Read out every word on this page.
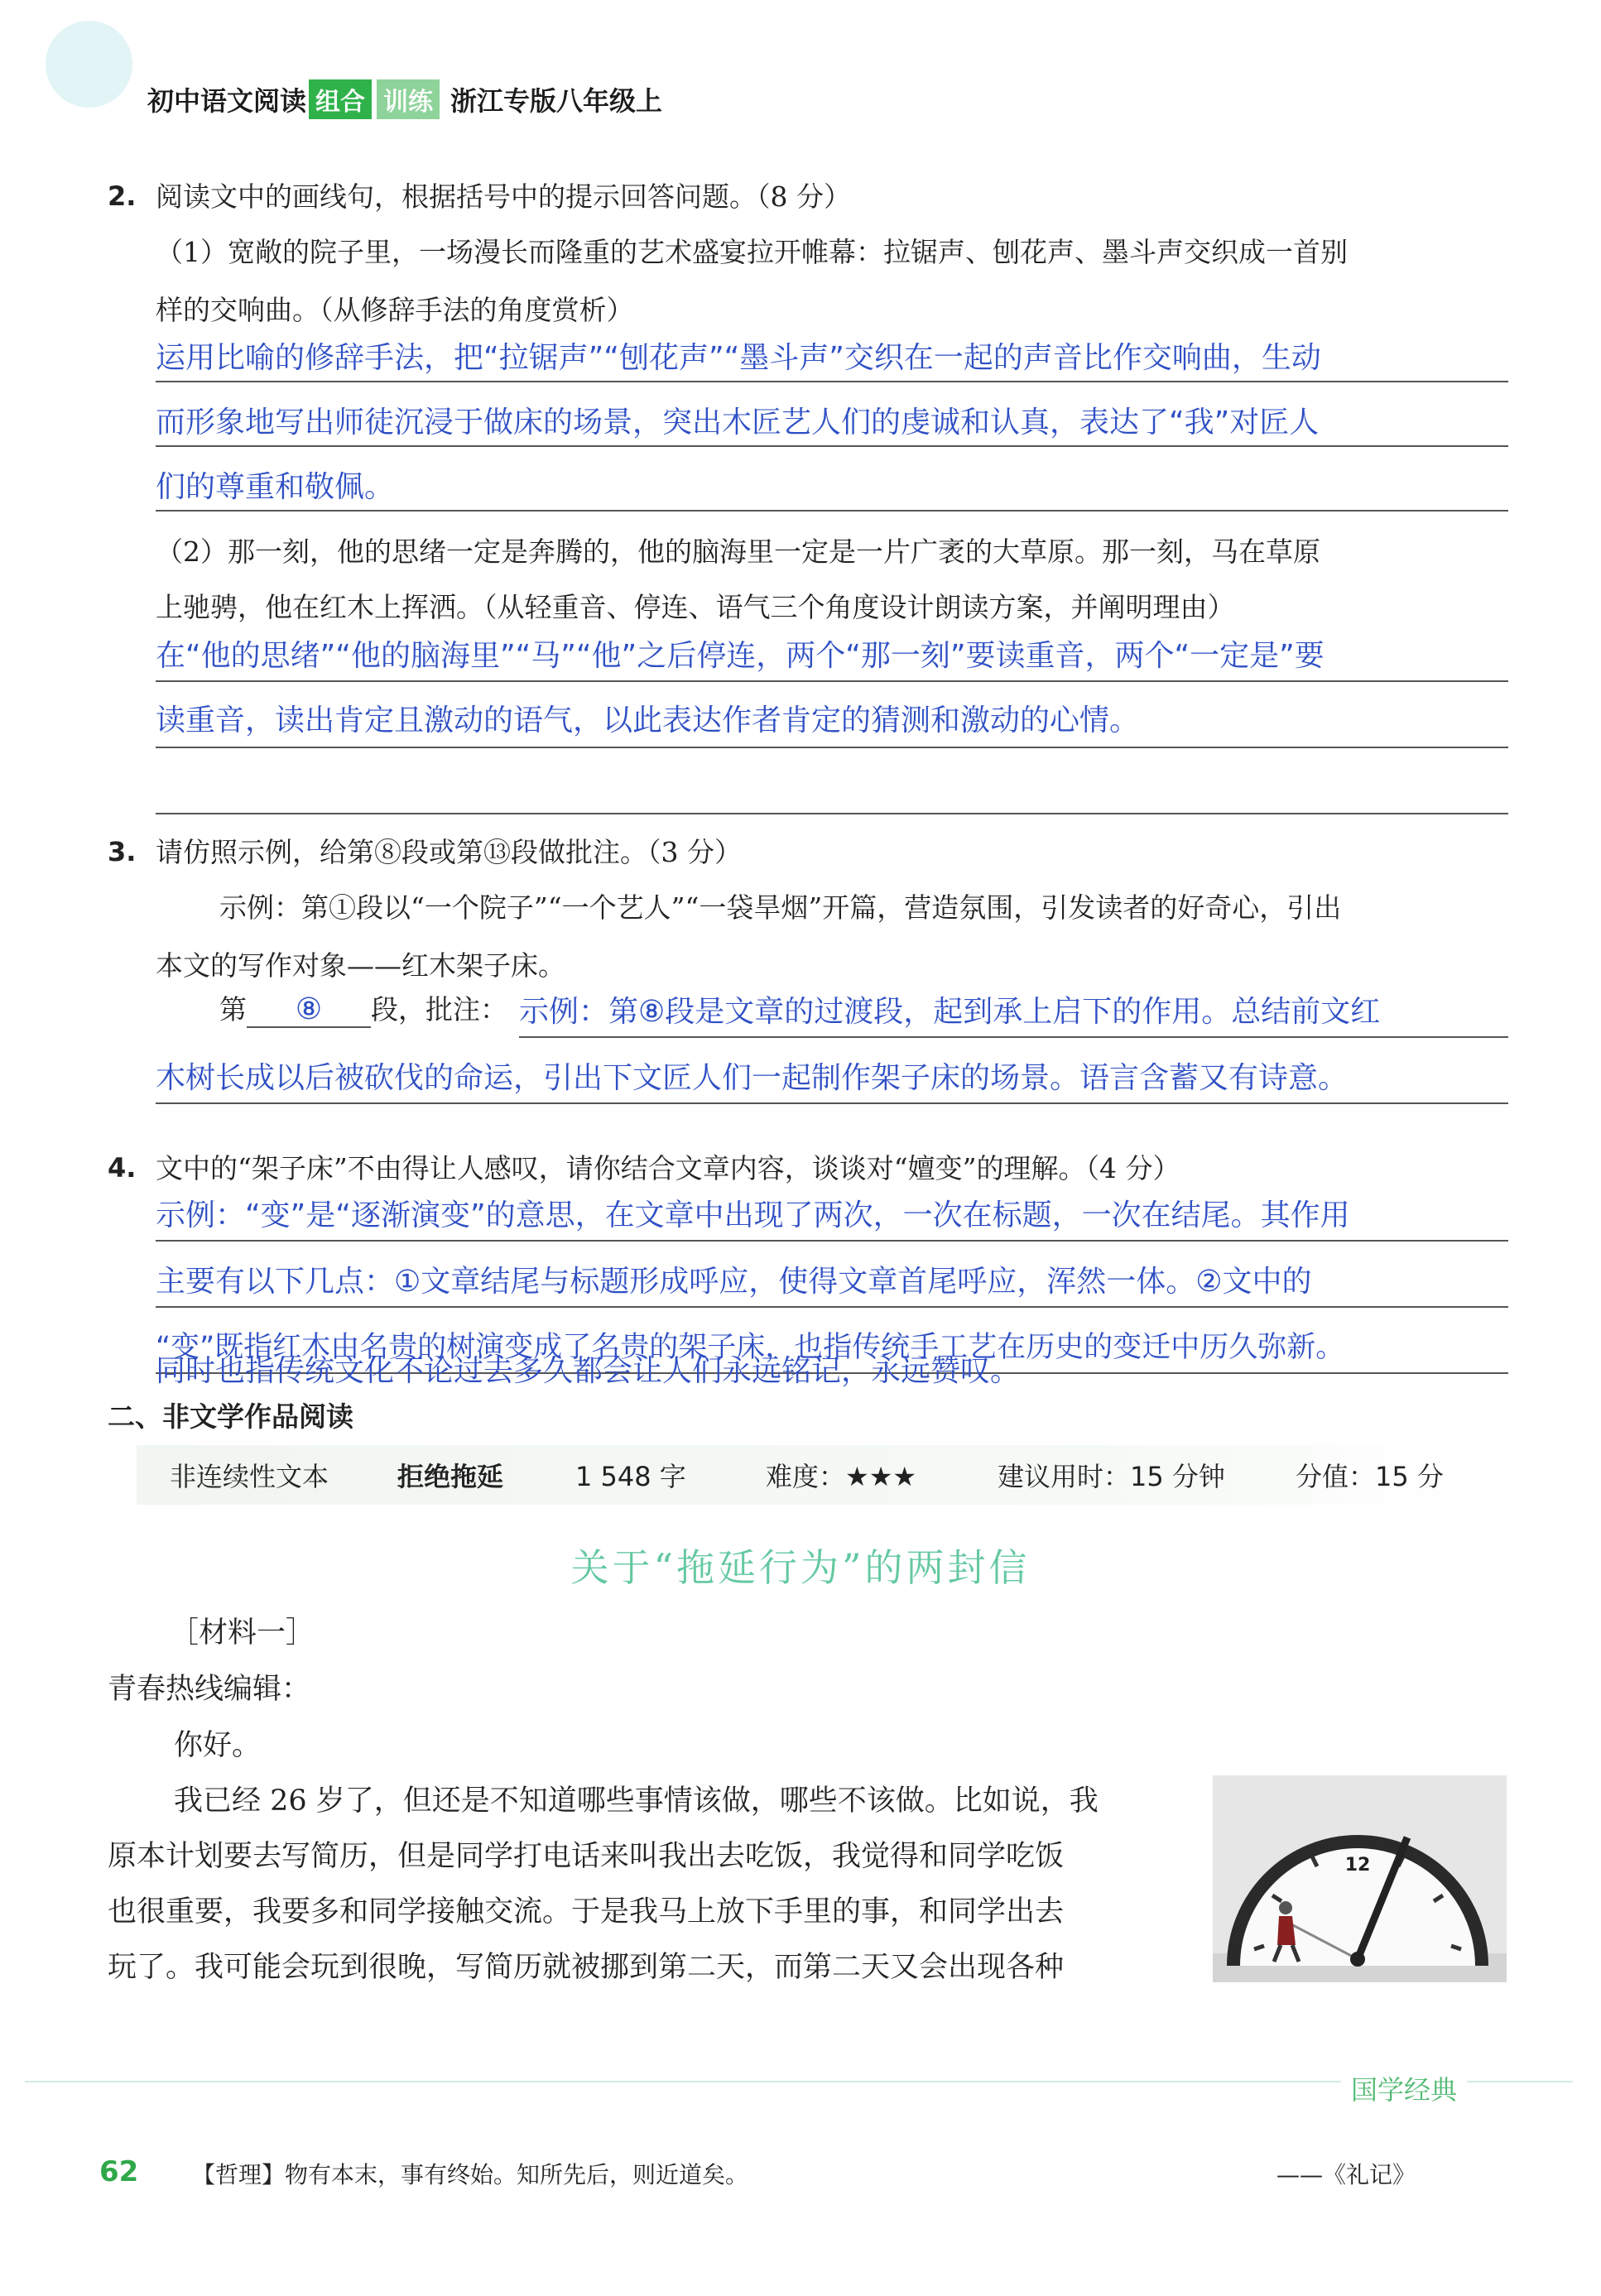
初中语文阅读 组合 训练 浙江专版八年级上
2. 阅读文中的画线句，根据括号中的提示回答问题。（8 分）
（1）宽敞的院子里，一场漫长而隆重的艺术盛宴拉开帷幕：拉锯声、刨花声、墨斗声交织成一首别
样的交响曲。（从修辞手法的角度赏析）
运用比喻的修辞手法，把“拉锯声”“刨花声”“墨斗声”交织在一起的声音比作交响曲，生动
而形象地写出师徒沉浸于做床的场景，突出木匠艺人们的虔诚和认真，表达了“我”对匠人
们的尊重和敬佩。
（2）那一刻，他的思绪一定是奔腾的，他的脑海里一定是一片广袤的大草原。那一刻，马在草原
上驰骋，他在红木上挥洒。（从轻重音、停连、语气三个角度设计朗读方案，并阐明理由）
在“他的思绪”“他的脑海里”“马”“他”之后停连，两个“那一刻”要读重音，两个“一定是”要
读重音，读出肯定且激动的语气，以此表达作者肯定的猜测和激动的心情。
3. 请仿照示例，给第⑧段或第⑬段做批注。（3 分）
示例：第①段以“一个院子”“一个艺人”“一袋旱烟”开篇，营造氛围，引发读者的好奇心，引出
本文的写作对象——红木架子床。
第 ⑧ 段，批注： 示例：第⑧段是文章的过渡段，起到承上启下的作用。总结前文红
木树长成以后被砍伐的命运，引出下文匠人们一起制作架子床的场景。语言含蓄又有诗意。
4. 文中的“架子床”不由得让人感叹，请你结合文章内容，谈谈对“嬗变”的理解。（4 分）
示例：“变”是“逐渐演变”的意思，在文章中出现了两次，一次在标题，一次在结尾。其作用
主要有以下几点：①文章结尾与标题形成呼应，使得文章首尾呼应，浑然一体。②文中的
“变”既指红木由名贵的树演变成了名贵的架子床，也指传统手工艺在历史的变迁中历久弥新。
同时也指传统文化不论过去多久都会让人们永远铭记，永远赞叹。
二、非文学作品阅读
非连续性文本	拒绝拖延	1 548 字	难度：★★★	建议用时：15 分钟	分值：15 分
关于“拖延行为”的两封信
［材料一］
青春热线编辑：
你好。
我已经 26 岁了，但还是不知道哪些事情该做，哪些不该做。比如说，我
原本计划要去写简历，但是同学打电话来叫我出去吃饭，我觉得和同学吃饭
也很重要，我要多和同学接触交流。于是我马上放下手里的事，和同学出去
玩了。我可能会玩到很晚，写简历就被挪到第二天，而第二天又会出现各种
12
国学经典
62 【哲理】物有本末，事有终始。知所先后，则近道矣。	——《礼记》
